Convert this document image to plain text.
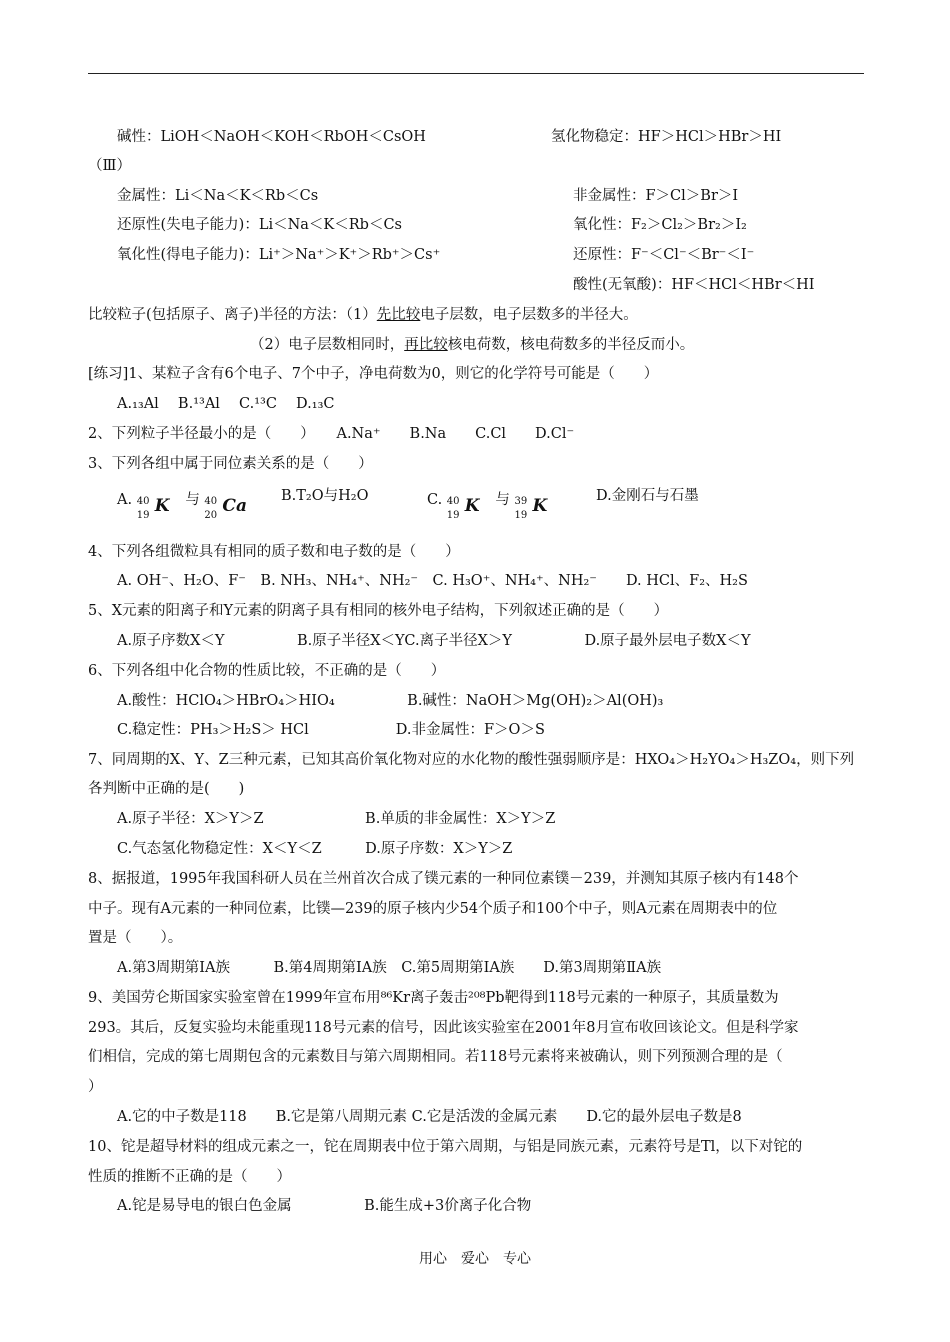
碱性：LiOH＜NaOH＜KOH＜RbOH＜CsOH	氢化物稳定：HF＞HCl＞HBr＞HI
（Ⅲ）
金属性：Li＜Na＜K＜Rb＜Cs	非金属性：F＞Cl＞Br＞I
还原性(失电子能力)：Li＜Na＜K＜Rb＜Cs	氧化性：F₂＞Cl₂＞Br₂＞I₂
氧化性(得电子能力)：Li⁺＞Na⁺＞K⁺＞Rb⁺＞Cs⁺	还原性：F⁻＜Cl⁻＜Br⁻＜I⁻
酸性(无氧酸)：HF＜HCl＜HBr＜HI
比较粒子(包括原子、离子)半径的方法：（1）先比较电子层数，电子层数多的半径大。
（2）电子层数相同时，再比较核电荷数，核电荷数多的半径反而小。
[练习]1、某粒子含有6个电子、7个中子，净电荷数为0，则它的化学符号可能是（　　）
A.₁₃Al　 B.¹³Al　 C.¹³C　 D.₁₃C
2、下列粒子半径最小的是（　　）　　A.Na⁺　　B.Na　　C.Cl　　D.Cl⁻
3、下列各组中属于同位素关系的是（　　）
4、下列各组微粒具有相同的质子数和电子数的是（　　）
A. OH⁻、H₂O、F⁻　B. NH₃、NH₄⁺、NH₂⁻　C. H₃O⁺、NH₄⁺、NH₂⁻　　D. HCl、F₂、H₂S
5、X元素的阳离子和Y元素的阴离子具有相同的核外电子结构，下列叙述正确的是（　　）
A.原子序数X＜Y　　　　　B.原子半径X＜YC.离子半径X＞Y　　　　　D.原子最外层电子数X＜Y
6、下列各组中化合物的性质比较，不正确的是（　　）
A.酸性：HClO₄＞HBrO₄＞HIO₄　　　　　B.碱性：NaOH＞Mg(OH)₂＞Al(OH)₃
C.稳定性：PH₃＞H₂S＞ HCl　　　　　　D.非金属性：F＞O＞S
7、同周期的X、Y、Z三种元素，已知其高价氧化物对应的水化物的酸性强弱顺序是：HXO₄＞H₂YO₄＞H₃ZO₄，则下列
各判断中正确的是(　　)
A.原子半径：X＞Y＞Z　　　　　　　B.单质的非金属性：X＞Y＞Z
C.气态氢化物稳定性：X＜Y＜Z　　　D.原子序数：X＞Y＞Z
8、据报道，1995年我国科研人员在兰州首次合成了镤元素的一种同位素镤－239，并测知其原子核内有148个
中子。现有A元素的一种同位素，比镤—239的原子核内少54个质子和100个中子，则A元素在周期表中的位
置是（　　）。
A.第3周期第ⅠA族　　　B.第4周期第ⅠA族　C.第5周期第ⅠA族　　D.第3周期第ⅡA族
9、美国劳仑斯国家实验室曾在1999年宣布用⁸⁶Kr离子轰击²⁰⁸Pb靶得到118号元素的一种原子，其质量数为
293。其后，反复实验均未能重现118号元素的信号，因此该实验室在2001年8月宣布收回该论文。但是科学家
们相信，完成的第七周期包含的元素数目与第六周期相同。若118号元素将来被确认，则下列预测合理的是（
）
A.它的中子数是118　　B.它是第八周期元素 C.它是活泼的金属元素　　D.它的最外层电子数是8
10、铊是超导材料的组成元素之一，铊在周期表中位于第六周期，与铝是同族元素，元素符号是Tl，以下对铊的
性质的推断不正确的是（　　）
A.铊是易导电的银白色金属　　　　　B.能生成+3价离子化合物
A. 40
19 K 与 40
20 Ca B.T₂O与H₂O	C. 40
19 K 与 39
19 K	D.金刚石与石墨
用心　爱心　专心
